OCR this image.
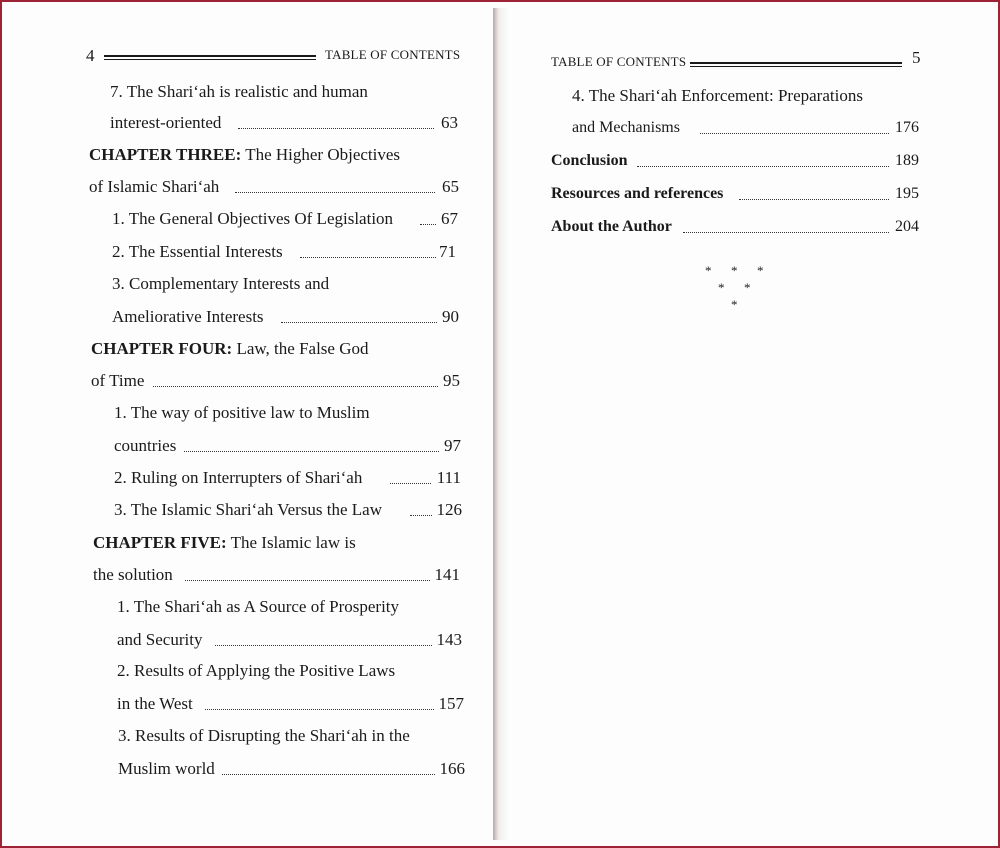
4	TABLE OF CONTENTS
7. The Shari‘ah is realistic and human
interest-oriented	63
CHAPTER THREE: The Higher Objectives
of Islamic Shari‘ah	65
1. The General Objectives Of Legislation	67
2. The Essential Interests	71
3. Complementary Interests and
Ameliorative Interests	90
CHAPTER FOUR: Law, the False God
of Time	95
1. The way of positive law to Muslim
countries	97
2. Ruling on Interrupters of Shari‘ah	111
3. The Islamic Shari‘ah Versus the Law	126
CHAPTER FIVE: The Islamic law is
the solution	141
1. The Shari‘ah as A Source of Prosperity
and Security	143
2. Results of Applying the Positive Laws
in the West	157
3. Results of Disrupting the Shari‘ah in the
Muslim world	166
TABLE OF CONTENTS	5
4. The Shari‘ah Enforcement: Preparations
and Mechanisms	176
Conclusion	189
Resources and references	195
About the Author	204
* * *
* *
*
